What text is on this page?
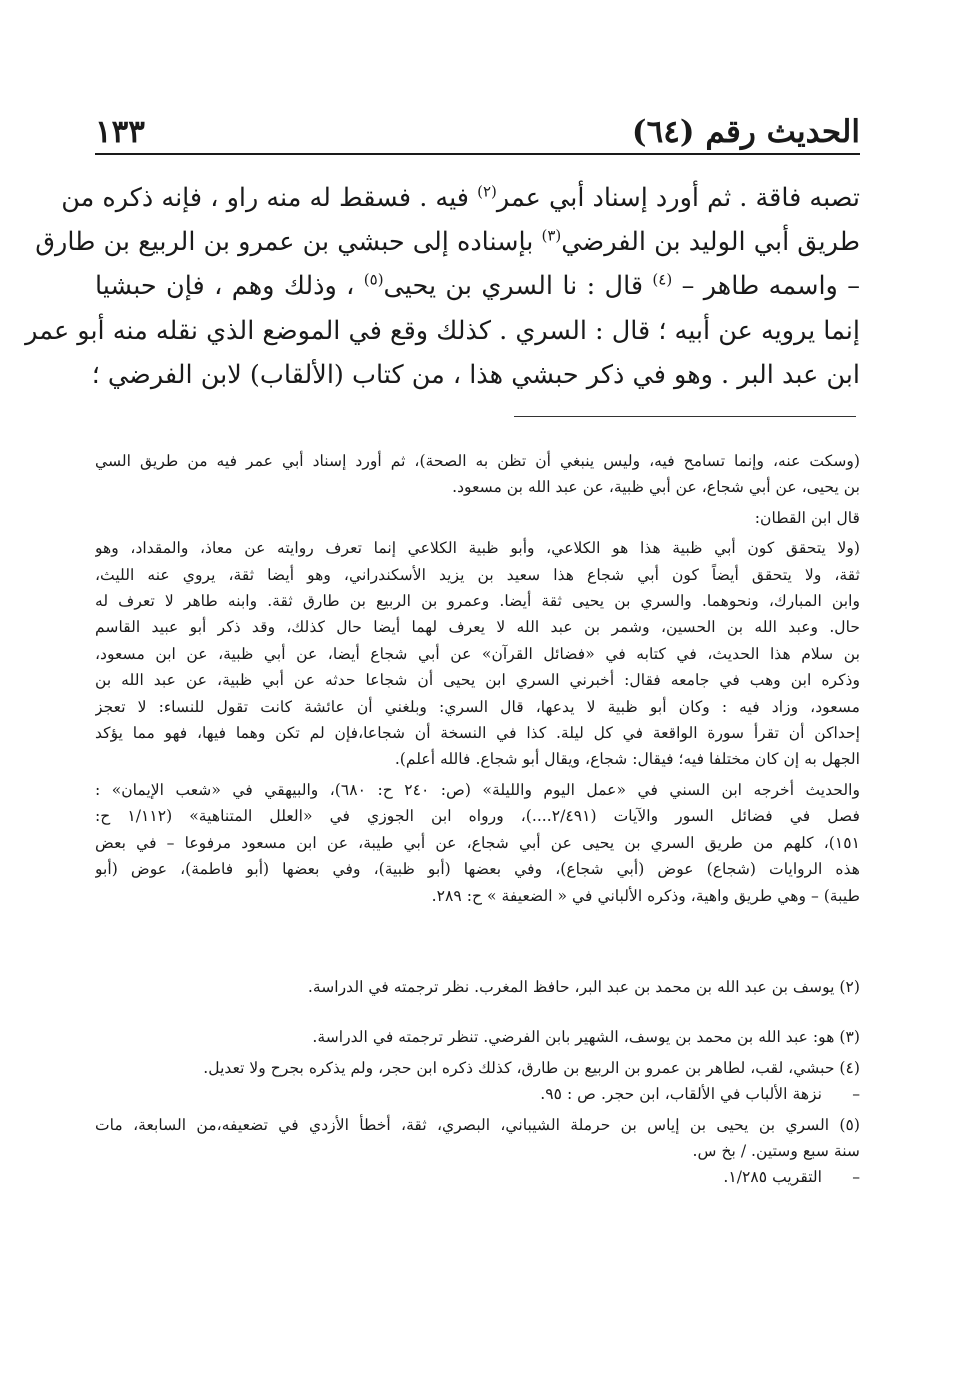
الحديث رقم (٦٤)
١٣٣
تصبه فاقة . ثم أورد إسناد أبي عمر$^{(٢)}$ فيه . فسقط له منه راو ، فإنه ذكره من
طريق أبي الوليد بن الفرضي$^{(٣)}$ بإسناده إلى حبشي بن عمرو بن الربيع بن طارق
– واسمه طاهر – $^{(٤)}$ قال : نا السري بن يحيى$^{(٥)}$ ، وذلك وهم ، فإن حبشيا
إنما يرويه عن أبيه ؛ قال : السري . كذلك وقع في الموضع الذي نقله منه أبو عمر
ابن عبد البر . وهو في ذكر حبشي هذا ، من كتاب (الألقاب) لابن الفرضي ؛
(وسكت عنه، وإنما تسامح فيه، وليس ينبغي أن تظن به الصحة)، ثم أورد إسناد أبي عمر فيه من طريق السي
بن يحيى، عن أبي شجاع، عن أبي ظبية، عن عبد الله بن مسعود.
قال ابن القطان:
(ولا يتحقق كون أبي ظبية هذا هو الكلاعي، وأبو ظبية الكلاعي إنما تعرف روايته عن معاذ، والمقداد، وهو
ثقة، ولا يتحقق أيضاً كون أبي شجاع هذا سعيد بن يزيد الأسكندراني، وهو أيضا ثقة، يروي عنه الليث،
وابن المبارك، ونحوهما. والسري بن يحيى ثقة أيضا. وعمرو بن الربيع بن طارق ثقة. وابنه طاهر لا تعرف له
حال. وعبد الله بن الحسين، وشمر بن عبد الله لا يعرف لهما أيضا حال كذلك، وقد ذكر أبو عبيد القاسم
بن سلام هذا الحديث، في كتابه في «فضائل القرآن» عن أبي شجاع أيضا، عن أبي ظبية، عن ابن مسعود،
وذكره ابن وهب في جامعه فقال: أخبرني السري ابن يحيى أن شجاعا حدثه عن أبي ظبية، عن عبد الله بن
مسعود، وزاد فيه : وكان أبو ظبية لا يدعها، قال السري: وبلغني أن عائشة كانت تقول للنساء: لا تعجز
إحداكن أن تقرأ سورة الواقعة في كل ليلة. كذا في النسخة أن شجاعا،فإن لم تكن وهما فيها، فهو مما يؤكد
الجهل به إن كان مختلفا فيه؛ فيقال: شجاع، ويقال أبو شجاع. فالله أعلم).
والحديث أخرجه ابن السني في «عمل اليوم والليلة» (ص: ٢٤٠ ح: ٦٨٠)، والبيهقي في «شعب الإيمان» :
فصل في فضائل السور والآيات (٢/٤٩١....)، ورواه ابن الجوزي في «العلل المتناهية» (١/١١٢ ح:
١٥١)، كلهم من طريق السري بن يحيى عن أبي شجاع، عن أبي طيبة، عن ابن مسعود مرفوعا – في بعض
هذه الروايات (شجاع) عوض (أبي شجاع)، وفي بعضها (أبو ظبية)، وفي بعضها (أبو فاطمة)، عوض (أبو
طيبة) – وهي طريق واهية، وذكره الألباني في « الضعيفة » ح: ٢٨٩.
(٢) يوسف بن عبد الله بن محمد بن عبد البر، حافظ المغرب. نظر ترجمته في الدراسة.
(٣) هو: عبد الله بن محمد بن يوسف، الشهير بابن الفرضي. تنظر ترجمته في الدراسة.
(٤) حبشي، لقب، لطاهر بن عمرو بن الربيع بن طارق، كذلك ذكره ابن حجر، ولم يذكره بجرح ولا تعديل.
–نزهة الألباب في الألقاب، ابن حجر. ص : ٩٥.
(٥) السري بن يحيى بن إياس بن حرملة الشيباني، البصري، ثقة، أخطأ الأزدي في تضعيفه،من السابعة، مات
سنة سبع وستين. / بخ س.
–التقريب ١/٢٨٥.
